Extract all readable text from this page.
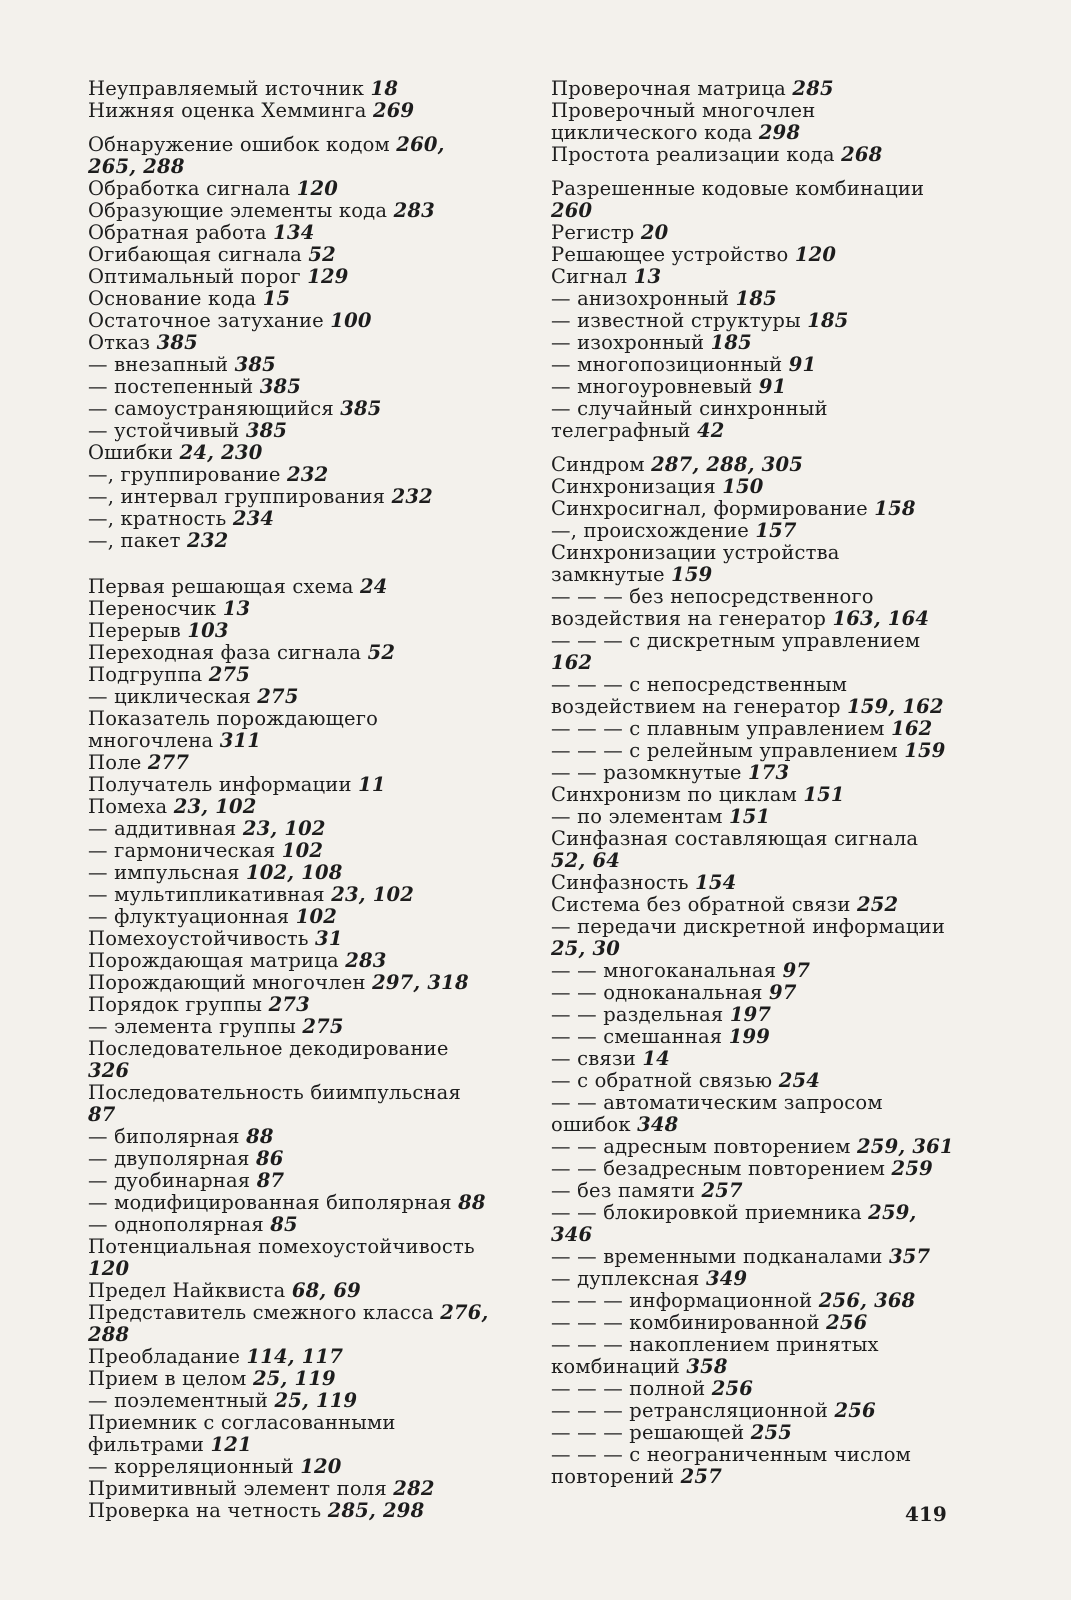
Неуправляемый источник 18
Нижняя оценка Хемминга 269
Обнаружение ошибок кодом 260, 265, 288
Обработка сигнала 120
Образующие элементы кода 283
Обратная работа 134
Огибающая сигнала 52
Оптимальный порог 129
Основание кода 15
Остаточное затухание 100
Отказ 385
— внезапный 385
— постепенный 385
— самоустраняющийся 385
— устойчивый 385
Ошибки 24, 230
—, группирование 232
—, интервал группирования 232
—, кратность 234
—, пакет 232
Первая решающая схема 24
Переносчик 13
Перерыв 103
Переходная фаза сигнала 52
Подгруппа 275
— циклическая 275
Показатель порождающего многочлена 311
Поле 277
Получатель информации 11
Помеха 23, 102
— аддитивная 23, 102
— гармоническая 102
— импульсная 102, 108
— мультипликативная 23, 102
— флуктуационная 102
Помехоустойчивость 31
Порождающая матрица 283
Порождающий многочлен 297, 318
Порядок группы 273
— элемента группы 275
Последовательное декодирование 326
Последовательность биимпульсная 87
— биполярная 88
— двуполярная 86
— дуобинарная 87
— модифицированная биполярная 88
— однополярная 85
Потенциальная помехоустойчивость 120
Предел Найквиста 68, 69
Представитель смежного класса 276, 288
Преобладание 114, 117
Прием в целом 25, 119
— поэлементный 25, 119
Приемник с согласованными фильтрами 121
— корреляционный 120
Примитивный элемент поля 282
Проверка на четность 285, 298
Проверочная матрица 285
Проверочный многочлен циклического кода 298
Простота реализации кода 268
Разрешенные кодовые комбинации 260
Регистр 20
Решающее устройство 120
Сигнал 13
— анизохронный 185
— известной структуры 185
— изохронный 185
— многопозиционный 91
— многоуровневый 91
— случайный синхронный телеграфный 42
Синдром 287, 288, 305
Синхронизация 150
Синхросигнал, формирование 158
—, происхождение 157
Синхронизации устройства замкнутые 159
— — — без непосредственного воздействия на генератор 163, 164
— — — с дискретным управлением 162
— — — с непосредственным воздействием на генератор 159, 162
— — — с плавным управлением 162
— — — с релейным управлением 159
— — разомкнутые 173
Синхронизм по циклам 151
— по элементам 151
Синфазная составляющая сигнала 52, 64
Синфазность 154
Система без обратной связи 252
— передачи дискретной информации 25, 30
— — многоканальная 97
— — одноканальная 97
— — раздельная 197
— — смешанная 199
— связи 14
— с обратной связью 254
— — автоматическим запросом ошибок 348
— — адресным повторением 259, 361
— — безадресным повторением 259
— без памяти 257
— — блокировкой приемника 259, 346
— — временными подканалами 357
— дуплексная 349
— — — информационной 256, 368
— — — комбинированной 256
— — — накоплением принятых комбинаций 358
— — — полной 256
— — — ретрансляционной 256
— — — решающей 255
— — — с неограниченным числом повторений 257
419
